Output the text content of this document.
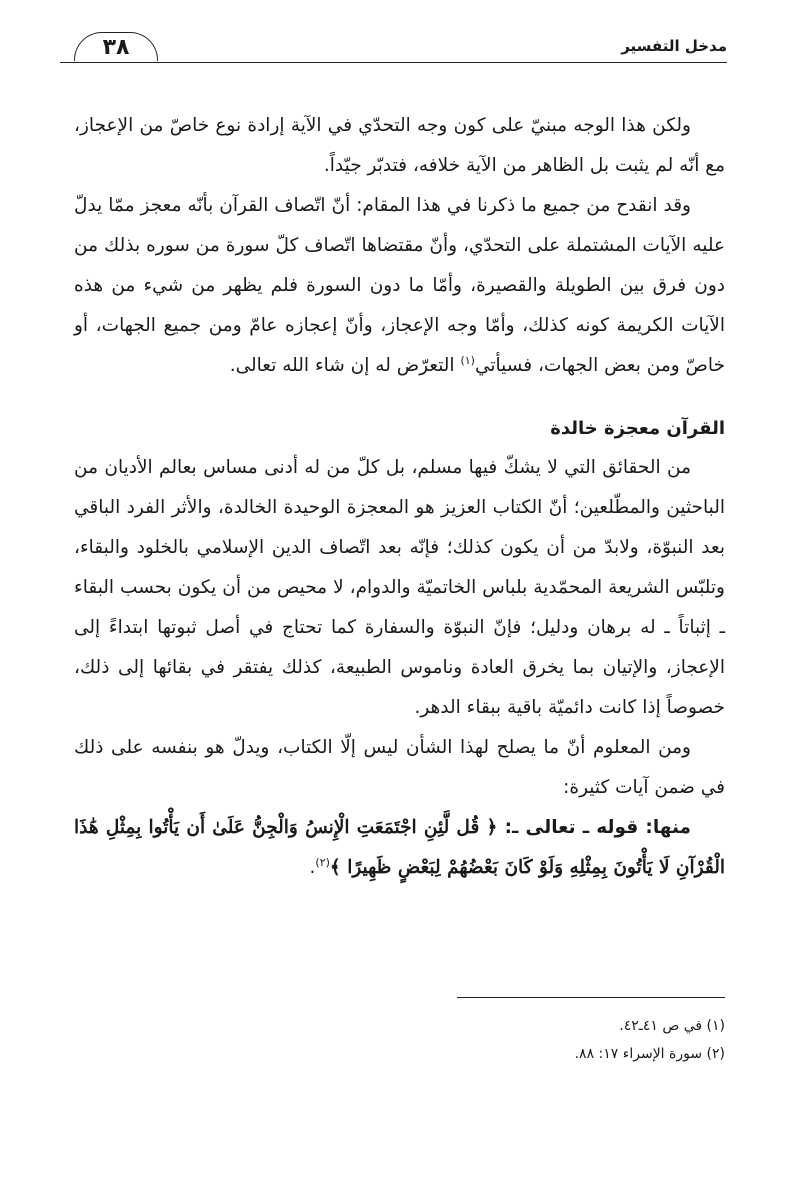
٣٨	مدخل التفسير

ولكن هذا الوجه مبنيّ على كون وجه التحدّي في الآية إرادة نوع خاصّ من الإعجاز، مع أنّه لم يثبت بل الظاهر من الآية خلافه، فتدبّر جيّداً.

وقد انقدح من جميع ما ذكرنا في هذا المقام: أنّ اتّصاف القرآن بأنّه معجز ممّا يدلّ عليه الآيات المشتملة على التحدّي، وأنّ مقتضاها اتّصاف كلّ سورة من سوره بذلك من دون فرق بين الطويلة والقصيرة، وأمّا ما دون السورة فلم يظهر من شيء من هذه الآيات الكريمة كونه كذلك، وأمّا وجه الإعجاز، وأنّ إعجازه عامّ ومن جميع الجهات، أو خاصّ ومن بعض الجهات، فسيأتي$^{(١)}$ التعرّض له إن شاء الله تعالى.

القرآن معجزة خالدة

من الحقائق التي لا يشكّ فيها مسلم، بل كلّ من له أدنى مساس بعالم الأديان من الباحثين والمطّلعين؛ أنّ الكتاب العزيز هو المعجزة الوحيدة الخالدة، والأثر الفرد الباقي بعد النبوّة، ولابدّ من أن يكون كذلك؛ فإنّه بعد اتّصاف الدين الإسلامي بالخلود والبقاء، وتلبّس الشريعة المحمّدية بلباس الخاتميّة والدوام، لا محيص من أن يكون بحسب البقاء ـ إثباتاً ـ له برهان ودليل؛ فإنّ النبوّة والسفارة كما تحتاج في أصل ثبوتها ابتداءً إلى الإعجاز، والإتيان بما يخرق العادة وناموس الطبيعة، كذلك يفتقر في بقائها إلى ذلك، خصوصاً إذا كانت دائميّة باقية ببقاء الدهر.

ومن المعلوم أنّ ما يصلح لهذا الشأن ليس إلّا الكتاب، ويدلّ هو بنفسه على ذلك في ضمن آيات كثيرة:

منها: قوله ـ تعالى ـ: ﴿ قُل لَّئِنِ اجْتَمَعَتِ الْإِنسُ وَالْجِنُّ عَلَىٰ أَن يَأْتُوا بِمِثْلِ هَٰذَا الْقُرْآنِ لَا يَأْتُونَ بِمِثْلِهِ وَلَوْ كَانَ بَعْضُهُمْ لِبَعْضٍ ظَهِيرًا ﴾$^{(٢)}$.

(١) في ص ٤١ـ٤٢.

(٢) سورة الإسراء ١٧: ٨٨.
